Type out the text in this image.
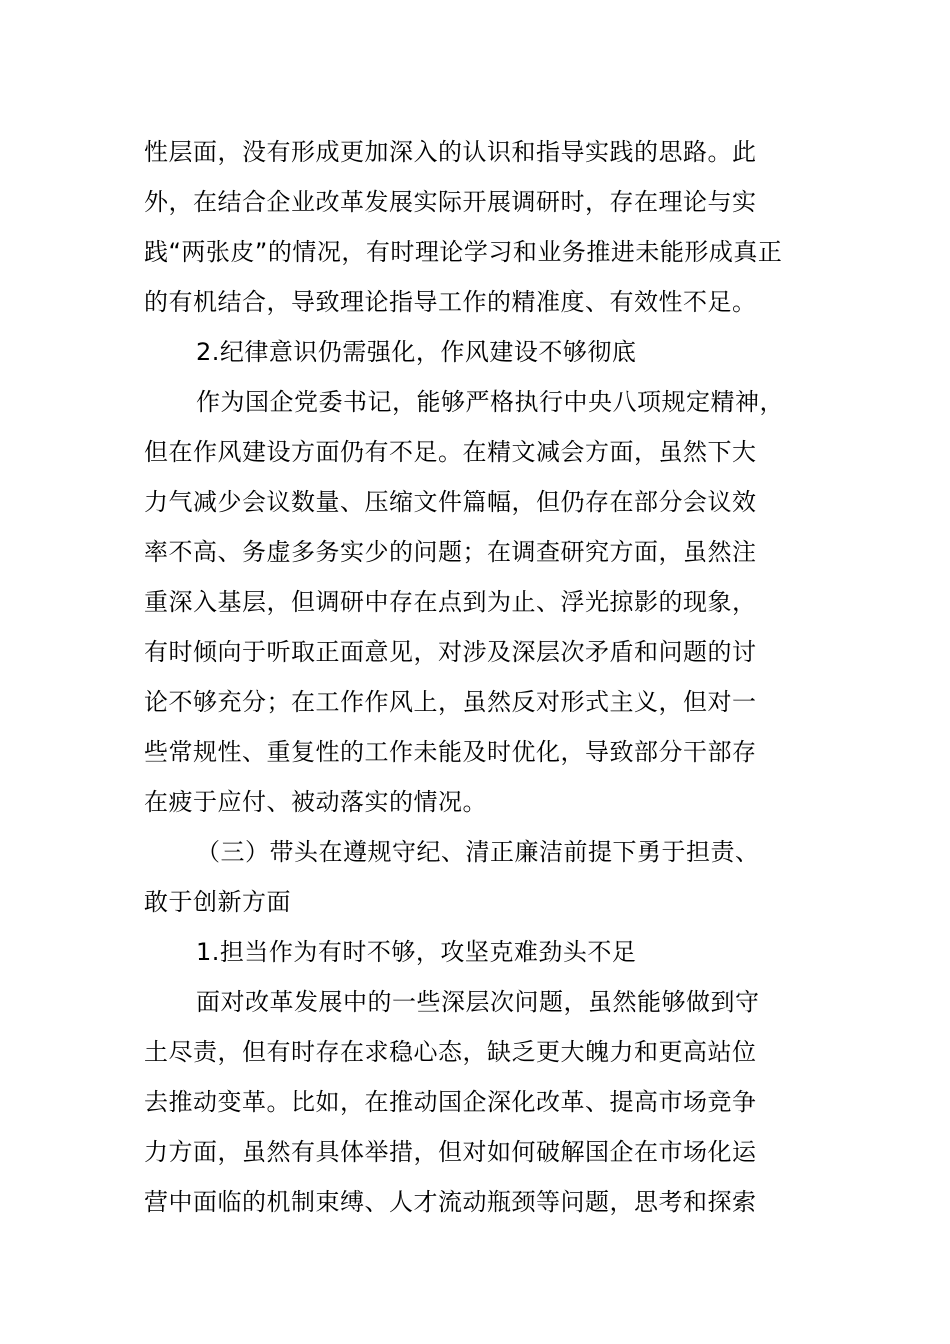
性层面，没有形成更加深入的认识和指导实践的思路。此
外，在结合企业改革发展实际开展调研时，存在理论与实
践“两张皮”的情况，有时理论学习和业务推进未能形成真正
的有机结合，导致理论指导工作的精准度、有效性不足。
2.纪律意识仍需强化，作风建设不够彻底
作为国企党委书记，能够严格执行中央八项规定精神，
但在作风建设方面仍有不足。在精文减会方面，虽然下大
力气减少会议数量、压缩文件篇幅，但仍存在部分会议效
率不高、务虚多务实少的问题；在调查研究方面，虽然注
重深入基层，但调研中存在点到为止、浮光掠影的现象，
有时倾向于听取正面意见，对涉及深层次矛盾和问题的讨
论不够充分；在工作作风上，虽然反对形式主义，但对一
些常规性、重复性的工作未能及时优化，导致部分干部存
在疲于应付、被动落实的情况。
（三）带头在遵规守纪、清正廉洁前提下勇于担责、
敢于创新方面
1.担当作为有时不够，攻坚克难劲头不足
面对改革发展中的一些深层次问题，虽然能够做到守
土尽责，但有时存在求稳心态，缺乏更大魄力和更高站位
去推动变革。比如，在推动国企深化改革、提高市场竞争
力方面，虽然有具体举措，但对如何破解国企在市场化运
营中面临的机制束缚、人才流动瓶颈等问题，思考和探索
